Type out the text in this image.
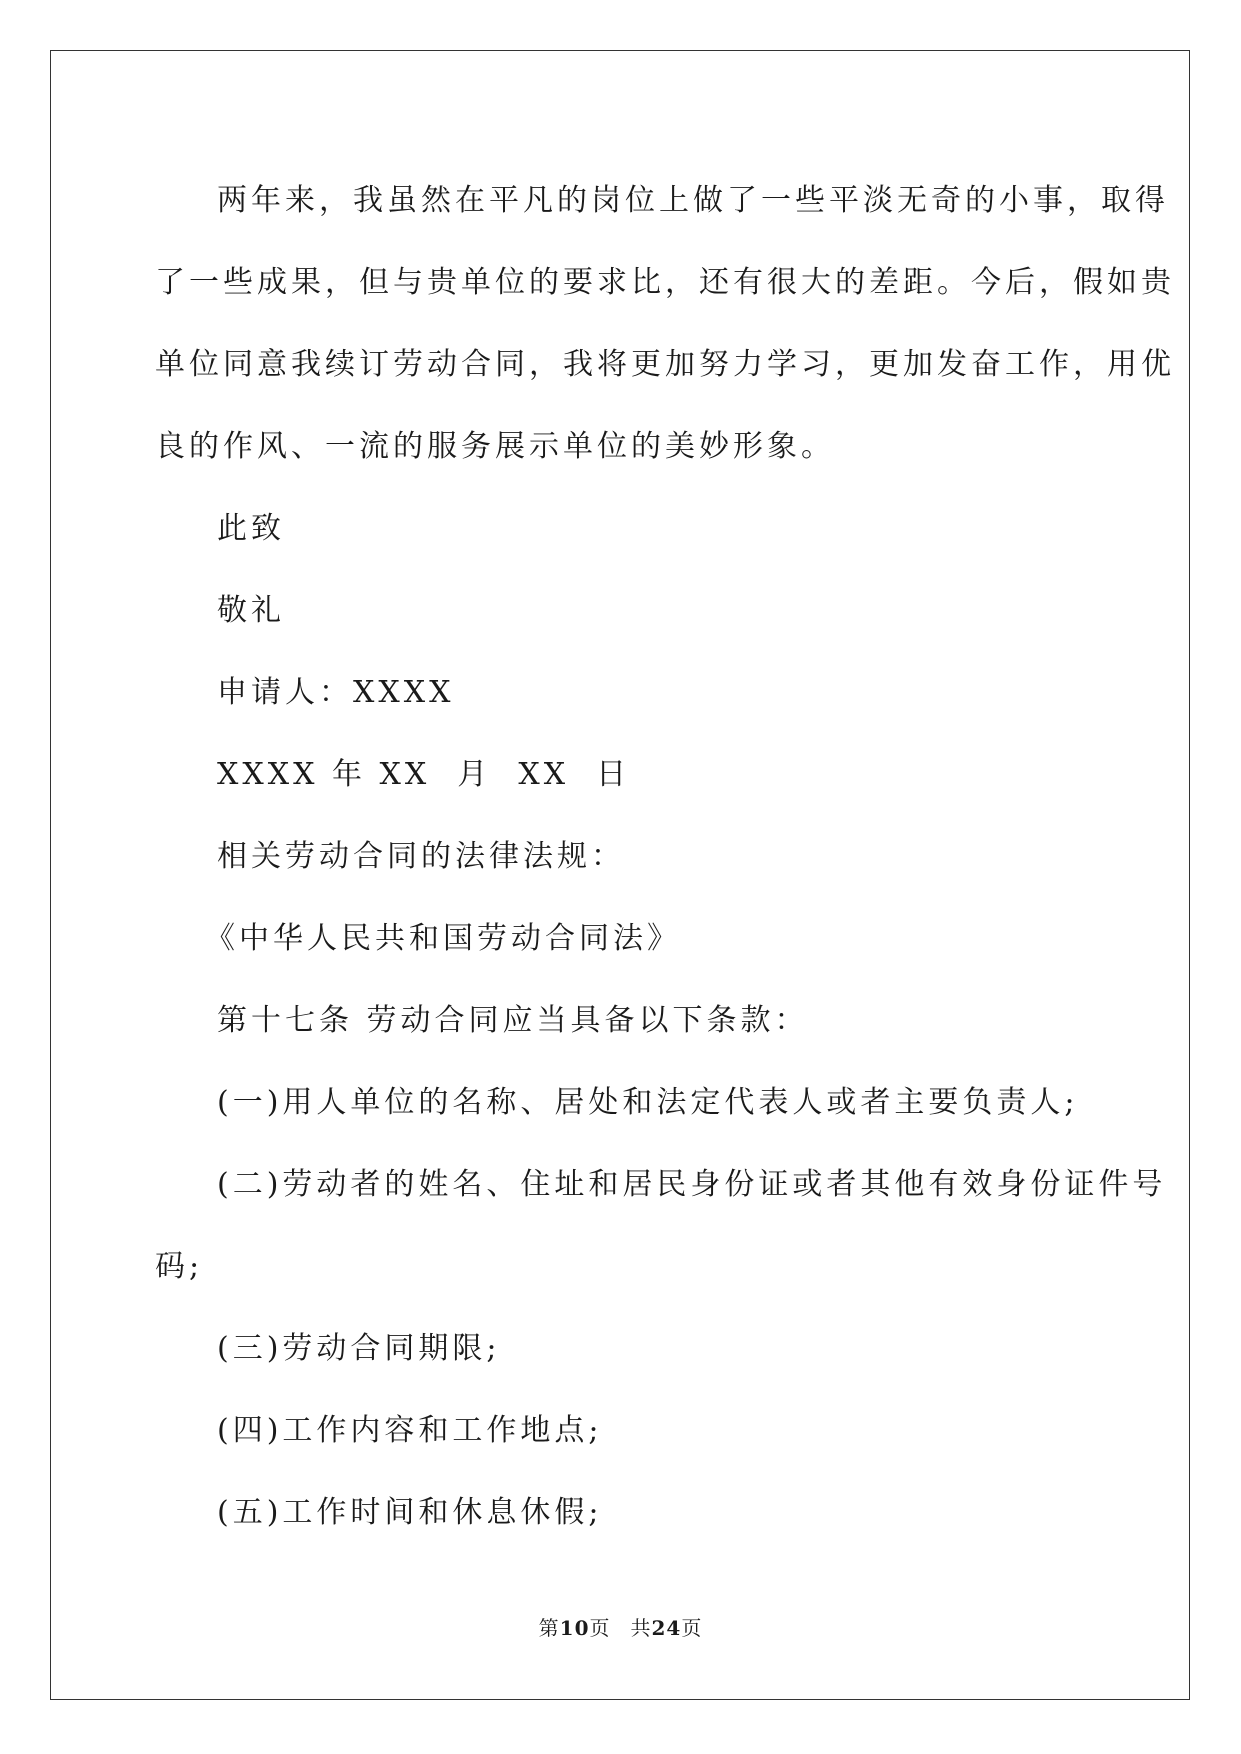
两年来，我虽然在平凡的岗位上做了一些平淡无奇的小事，取得
了一些成果，但与贵单位的要求比，还有很大的差距。今后，假如贵
单位同意我续订劳动合同，我将更加努力学习，更加发奋工作，用优
良的作风、一流的服务展示单位的美妙形象。
此致
敬礼
申请人：XXXX
XXXX 年 XX  月  XX  日
相关劳动合同的法律法规：
《中华人民共和国劳动合同法》
第十七条 劳动合同应当具备以下条款：
(一)用人单位的名称、居处和法定代表人或者主要负责人;
(二)劳动者的姓名、住址和居民身份证或者其他有效身份证件号
码;
(三)劳动合同期限;
(四)工作内容和工作地点;
(五)工作时间和休息休假;
第10页 共24页
